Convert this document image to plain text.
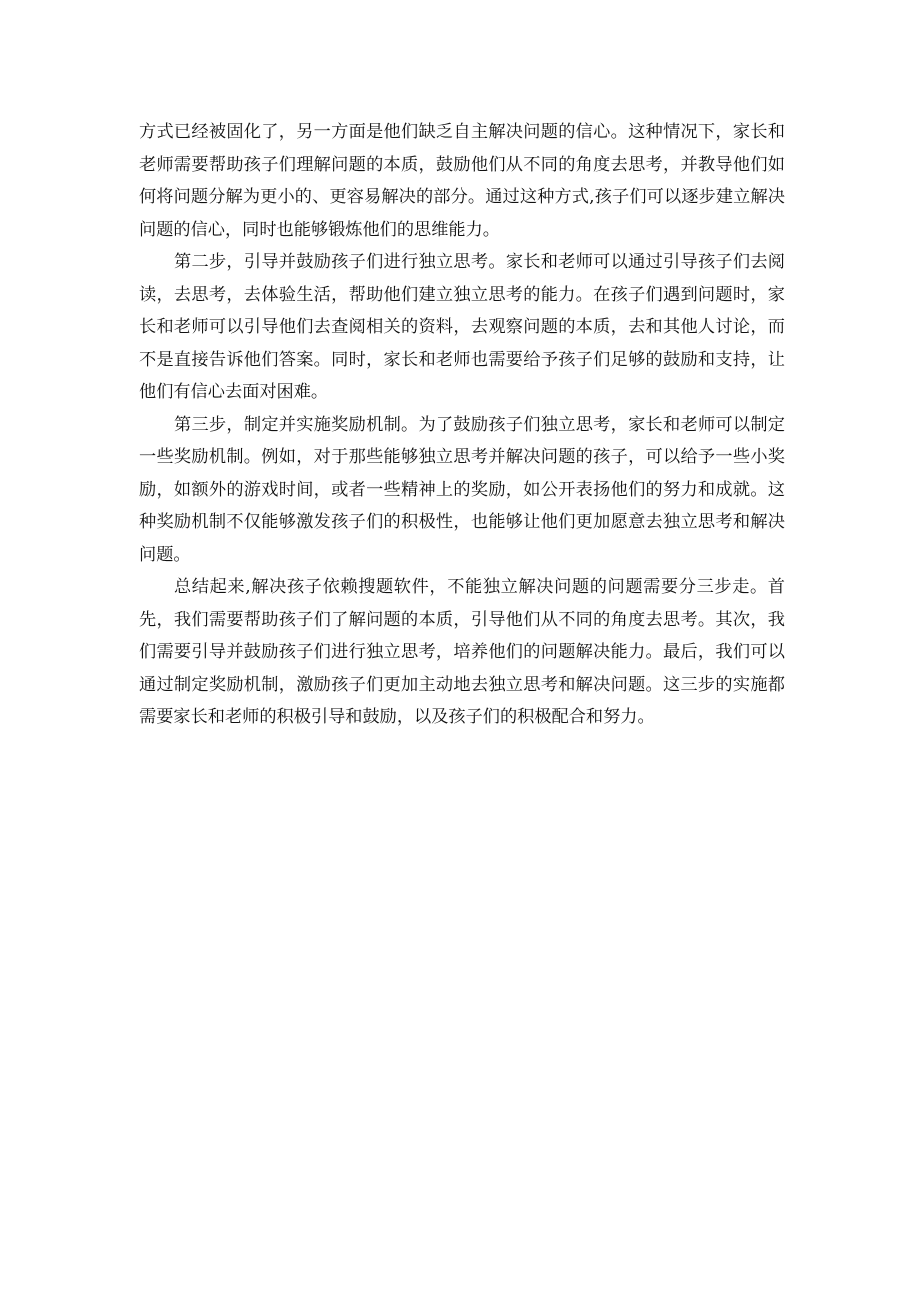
方式已经被固化了，另一方面是他们缺乏自主解决问题的信心。这种情况下，家长和老师需要帮助孩子们理解问题的本质，鼓励他们从不同的角度去思考，并教导他们如何将问题分解为更小的、更容易解决的部分。通过这种方式,孩子们可以逐步建立解决问题的信心，同时也能够锻炼他们的思维能力。

第二步，引导并鼓励孩子们进行独立思考。家长和老师可以通过引导孩子们去阅读，去思考，去体验生活，帮助他们建立独立思考的能力。在孩子们遇到问题时，家长和老师可以引导他们去查阅相关的资料，去观察问题的本质，去和其他人讨论，而不是直接告诉他们答案。同时，家长和老师也需要给予孩子们足够的鼓励和支持，让他们有信心去面对困难。

第三步，制定并实施奖励机制。为了鼓励孩子们独立思考，家长和老师可以制定一些奖励机制。例如，对于那些能够独立思考并解决问题的孩子，可以给予一些小奖励，如额外的游戏时间，或者一些精神上的奖励，如公开表扬他们的努力和成就。这种奖励机制不仅能够激发孩子们的积极性，也能够让他们更加愿意去独立思考和解决问题。

总结起来,解决孩子依赖搜题软件，不能独立解决问题的问题需要分三步走。首先，我们需要帮助孩子们了解问题的本质，引导他们从不同的角度去思考。其次，我们需要引导并鼓励孩子们进行独立思考，培养他们的问题解决能力。最后，我们可以通过制定奖励机制，激励孩子们更加主动地去独立思考和解决问题。这三步的实施都需要家长和老师的积极引导和鼓励，以及孩子们的积极配合和努力。
